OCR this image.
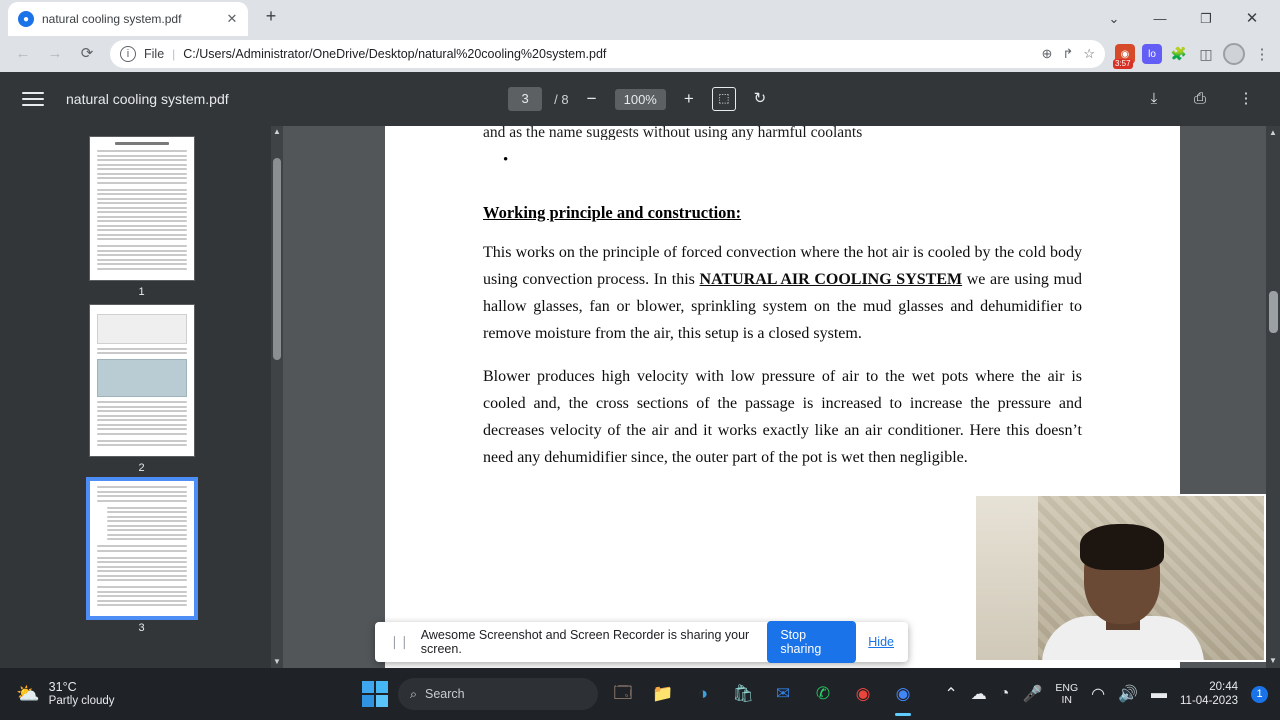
●	natural cooling system.pdf	✕	+	⌄	—	❐	✕
←	→	⟳	i	File | C:/Users/Administrator/OneDrive/Desktop/natural%20cooling%20system.pdf	⊕ ↱ ☆	◉
3:57
lo	🧩 ◫	⋮
natural cooling system.pdf	3	/ 8	−	100%	+	⬚	↻	⤓	⎙	⋮
1
2
3
▲
▼
and as the name suggests without using any harmful coolants
•
Working principle and construction:

This works on the principle of forced convection where the hot air is cooled by the cold body using convection process. In this NATURAL AIR COOLING SYSTEM we are using mud hallow glasses, fan or blower, sprinkling system on the mud glasses and dehumidifier to remove moisture from the air, this setup is a closed system.

Blower produces high velocity with low pressure of air to the wet pots where the air is cooled and, the cross sections of the passage is increased to increase the pressure and decreases velocity of the air and it works exactly like an air conditioner. Here this doesn’t need any dehumidifier since, the outer part of the pot is wet then negligible.

▲
▼
❘❘ Awesome Screenshot and Screen Recorder is sharing your screen.
Stop sharing	Hide
⛅ 31°C
Partly cloudy
⌕ Search	🗔	📁	◑	🛍	✉	✆	◉	◉	⌃ ☁ ◔ 🎤 ENG
IN	◠ 🔊 ▬	20:44
11-04-2023
1
